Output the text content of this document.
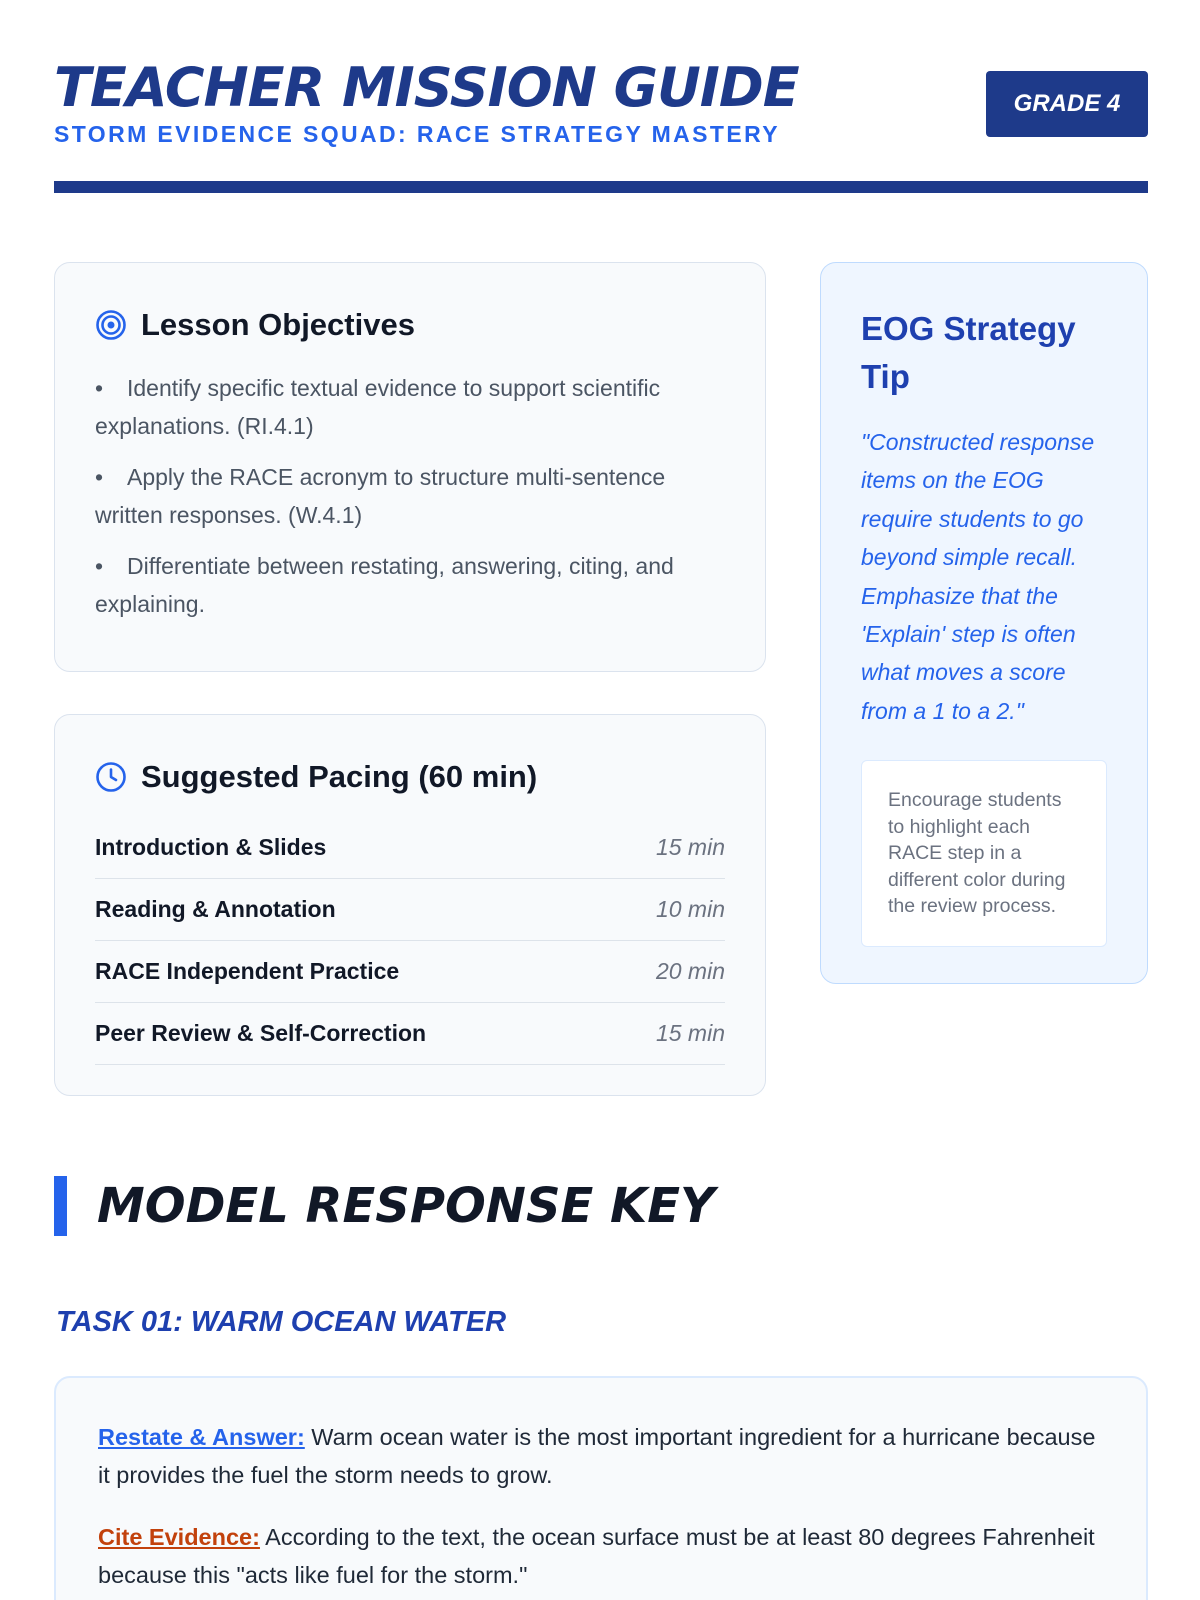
TEACHER MISSION GUIDE
STORM EVIDENCE SQUAD: RACE STRATEGY MASTERY
GRADE 4
Lesson Objectives
• Identify specific textual evidence to support scientific explanations. (RI.4.1)
• Apply the RACE acronym to structure multi-sentence written responses. (W.4.1)
• Differentiate between restating, answering, citing, and explaining.
Suggested Pacing (60 min)
Introduction & Slides	15 min
Reading & Annotation	10 min
RACE Independent Practice	20 min
Peer Review & Self-Correction	15 min
EOG Strategy Tip
"Constructed response items on the EOG require students to go beyond simple recall. Emphasize that the 'Explain' step is often what moves a score from a 1 to a 2."
Encourage students to highlight each RACE step in a different color during the review process.
MODEL RESPONSE KEY
TASK 01: WARM OCEAN WATER

Restate & Answer: Warm ocean water is the most important ingredient for a hurricane because it provides the fuel the storm needs to grow.

Cite Evidence: According to the text, the ocean surface must be at least 80 degrees Fahrenheit because this "acts like fuel for the storm."
